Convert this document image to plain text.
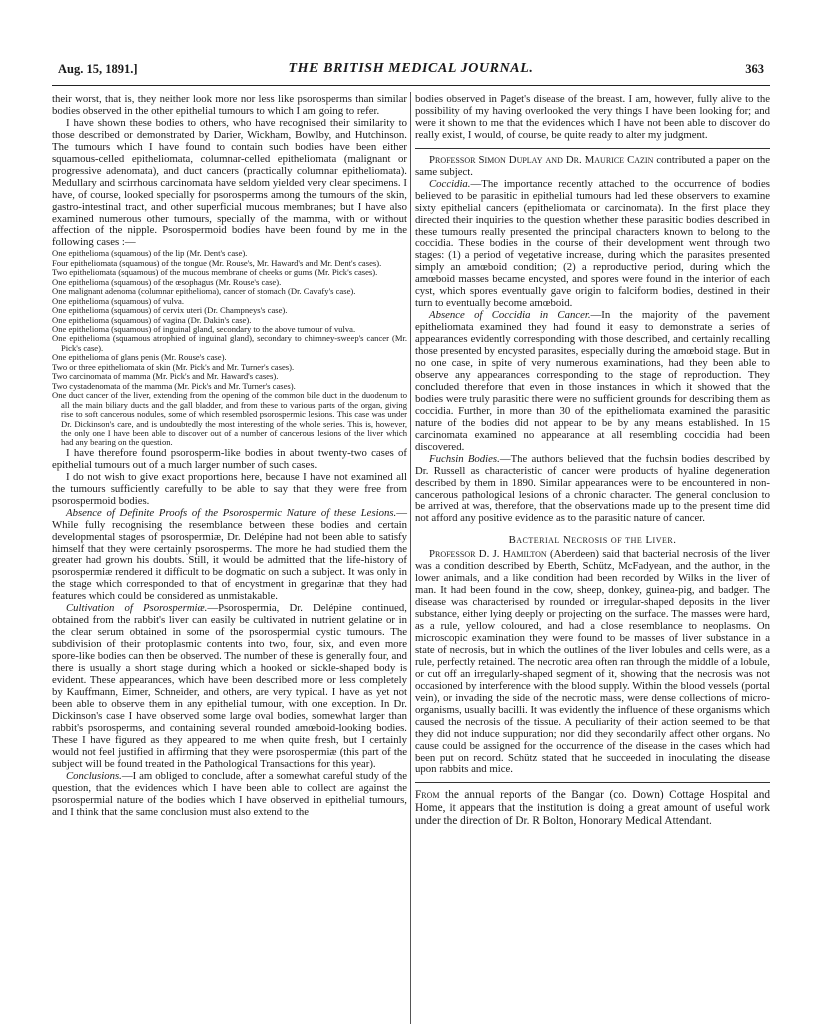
Aug. 15, 1891.]	THE BRITISH MEDICAL JOURNAL.	363

their worst, that is, they neither look more nor less like psorosperms than similar bodies observed in the other epithelial tumours to which I am going to refer.

I have shown these bodies to others, who have recognised their similarity to those described or demonstrated by Darier, Wickham, Bowlby, and Hutchinson. The tumours which I have found to contain such bodies have been either squamous-celled epitheliomata, columnar-celled epitheliomata (malignant or progressive adenomata), and duct cancers (practically columnar epitheliomata). Medullary and scirrhous carcinomata have seldom yielded very clear specimens. I have, of course, looked specially for psorosperms among the tumours of the skin, gastro-intestinal tract, and other superficial mucous membranes; but I have also examined numerous other tumours, specially of the mamma, with or without affection of the nipple. Psorospermoid bodies have been found by me in the following cases :—

One epithelioma (squamous) of the lip (Mr. Dent's case).

Four epitheliomata (squamous) of the tongue (Mr. Rouse's, Mr. Haward's and Mr. Dent's cases).

Two epitheliomata (squamous) of the mucous membrane of cheeks or gums (Mr. Pick's cases).

One epithelioma (squamous) of the œsophagus (Mr. Rouse's case).

One malignant adenoma (columnar epithelioma), cancer of stomach (Dr. Cavafy's case).

One epithelioma (squamous) of vulva.

One epithelioma (squamous) of cervix uteri (Dr. Champneys's case).

One epithelioma (squamous) of vagina (Dr. Dakin's case).

One epithelioma (squamous) of inguinal gland, secondary to the above tumour of vulva.

One epithelioma (squamous atrophied of inguinal gland), secondary to chimney-sweep's cancer (Mr. Pick's case).

One epithelioma of glans penis (Mr. Rouse's case).

Two or three epitheliomata of skin (Mr. Pick's and Mr. Turner's cases).

Two carcinomata of mamma (Mr. Pick's and Mr. Haward's cases).

Two cystadenomata of the mamma (Mr. Pick's and Mr. Turner's cases).

One duct cancer of the liver, extending from the opening of the common bile duct in the duodenum to all the main biliary ducts and the gall bladder, and from these to various parts of the organ, giving rise to soft cancerous nodules, some of which resembled psorospermic lesions. This case was under Dr. Dickinson's care, and is undoubtedly the most interesting of the whole series. This is, however, the only one I have been able to discover out of a number of cancerous lesions of the liver which had any bearing on the question.

I have therefore found psorosperm-like bodies in about twenty-two cases of epithelial tumours out of a much larger number of such cases.

I do not wish to give exact proportions here, because I have not examined all the tumours sufficiently carefully to be able to say that they were free from psorospermoid bodies.

Absence of Definite Proofs of the Psorospermic Nature of these Lesions.—While fully recognising the resemblance between these bodies and certain developmental stages of psorospermiæ, Dr. Delépine had not been able to satisfy himself that they were certainly psorosperms. The more he had studied them the greater had grown his doubts. Still, it would be admitted that the life-history of psorospermiæ rendered it difficult to be dogmatic on such a subject. It was only in the stage which corresponded to that of encystment in gregarinæ that they had features which could be considered as unmistakable.

Cultivation of Psorospermiæ.—Psorospermia, Dr. Delépine continued, obtained from the rabbit's liver can easily be cultivated in nutrient gelatine or in the clear serum obtained in some of the psorospermial cystic tumours. The subdivision of their protoplasmic contents into two, four, six, and even more spore-like bodies can then be observed. The number of these is generally four, and there is usually a short stage during which a hooked or sickle-shaped body is evident. These appearances, which have been described more or less completely by Kauffmann, Eimer, Schneider, and others, are very typical. I have as yet not been able to observe them in any epithelial tumour, with one exception. In Dr. Dickinson's case I have observed some large oval bodies, somewhat larger than rabbit's psorosperms, and containing several rounded amœboid-looking bodies. These I have figured as they appeared to me when quite fresh, but I certainly would not feel justified in affirming that they were psorospermiæ (this part of the subject will be found treated in the Pathological Transactions for this year).

Conclusions.—I am obliged to conclude, after a somewhat careful study of the question, that the evidences which I have been able to collect are against the psorospermial nature of the bodies which I have observed in epithelial tumours, and I think that the same conclusion must also extend to the

bodies observed in Paget's disease of the breast. I am, however, fully alive to the possibility of my having overlooked the very things I have been looking for; and were it shown to me that the evidences which I have not been able to discover do really exist, I would, of course, be quite ready to alter my judgment.

Professor Simon Duplay and Dr. Maurice Cazin contributed a paper on the same subject.

Coccidia.—The importance recently attached to the occurrence of bodies believed to be parasitic in epithelial tumours had led these observers to examine sixty epithelial cancers (epitheliomata or carcinomata). In the first place they directed their inquiries to the question whether these parasitic bodies described in these tumours really presented the principal characters known to belong to the coccidia. These bodies in the course of their development went through two stages: (1) a period of vegetative increase, during which the parasites presented simply an amœboid condition; (2) a reproductive period, during which the amœboid masses became encysted, and spores were found in the interior of each cyst, which spores eventually gave origin to falciform bodies, destined in their turn to eventually become amœboid.

Absence of Coccidia in Cancer.—In the majority of the pavement epitheliomata examined they had found it easy to demonstrate a series of appearances evidently corresponding with those described, and certainly recalling those presented by encysted parasites, especially during the amœboid stage. But in no one case, in spite of very numerous examinations, had they been able to observe any appearances corresponding to the stage of reproduction. They concluded therefore that even in those instances in which it showed that the bodies were truly parasitic there were no sufficient grounds for describing them as coccidia. Further, in more than 30 of the epitheliomata examined the parasitic nature of the bodies did not appear to be by any means established. In 15 carcinomata examined no appearance at all resembling coccidia had been discovered.

Fuchsin Bodies.—The authors believed that the fuchsin bodies described by Dr. Russell as characteristic of cancer were products of hyaline degeneration described by them in 1890. Similar appearances were to be encountered in non-cancerous pathological lesions of a chronic character. The general conclusion to be arrived at was, therefore, that the observations made up to the present time did not afford any positive evidence as to the parasitic nature of cancer.

Bacterial Necrosis of the Liver.

Professor D. J. Hamilton (Aberdeen) said that bacterial necrosis of the liver was a condition described by Eberth, Schütz, McFadyean, and the author, in the lower animals, and a like condition had been recorded by Wilks in the liver of man. It had been found in the cow, sheep, donkey, guinea-pig, and badger. The disease was characterised by rounded or irregular-shaped deposits in the liver substance, either lying deeply or projecting on the surface. The masses were hard, as a rule, yellow coloured, and had a close resemblance to neoplasms. On microscopic examination they were found to be masses of liver substance in a state of necrosis, but in which the outlines of the liver lobules and cells were, as a rule, perfectly retained. The necrotic area often ran through the middle of a lobule, or cut off an irregularly-shaped segment of it, showing that the necrosis was not occasioned by interference with the blood supply. Within the blood vessels (portal vein), or invading the side of the necrotic mass, were dense collections of micro-organisms, usually bacilli. It was evidently the influence of these organisms which caused the necrosis of the tissue. A peculiarity of their action seemed to be that they did not induce suppuration; nor did they secondarily affect other organs. No cause could be assigned for the occurrence of the disease in the cases which had been put on record. Schütz stated that he succeeded in inoculating the disease upon rabbits and mice.

From the annual reports of the Bangar (co. Down) Cottage Hospital and Home, it appears that the institution is doing a great amount of useful work under the direction of Dr. R Bolton, Honorary Medical Attendant.
